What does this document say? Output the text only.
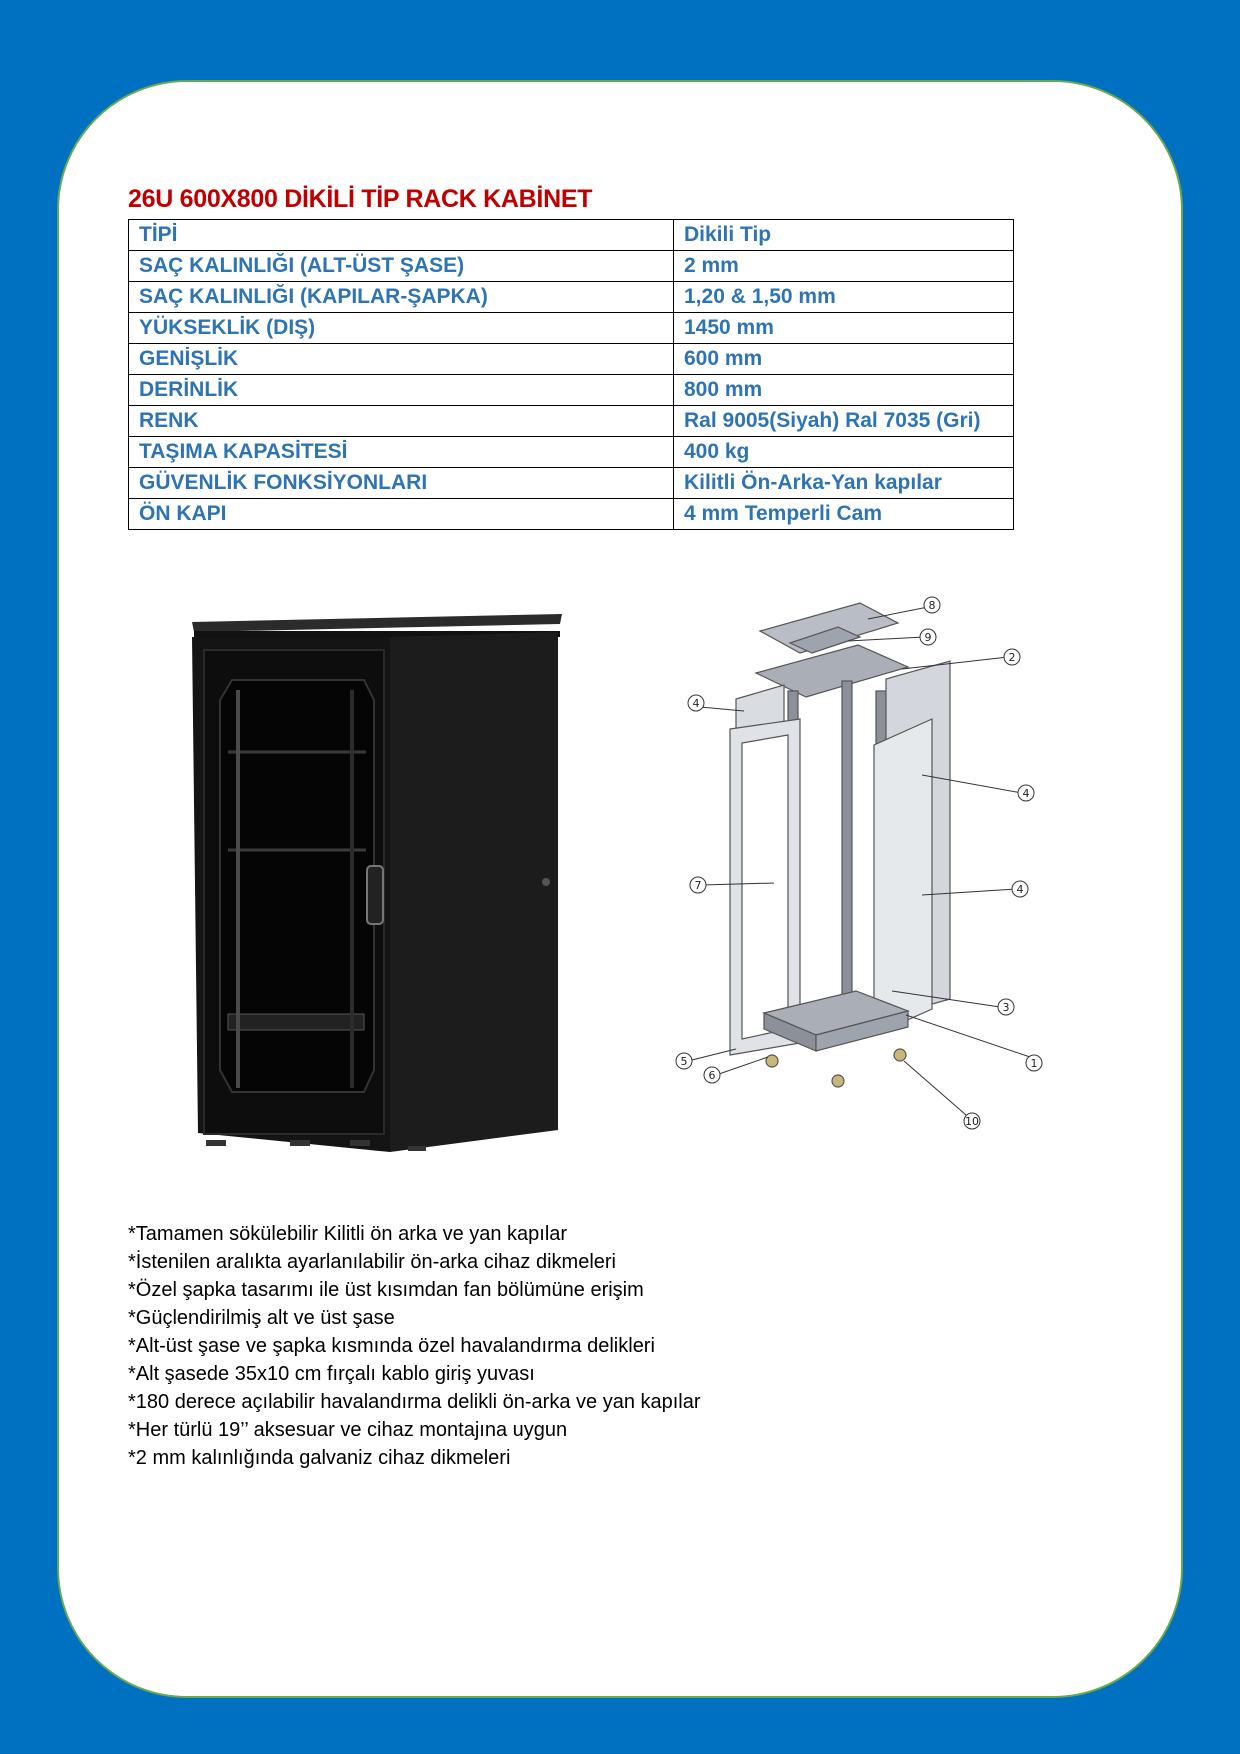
26U 600X800 DİKİLİ TİP RACK KABİNET
TİPİ	Dikili Tip
SAÇ KALINLIĞI (ALT-ÜST ŞASE)	2 mm
SAÇ KALINLIĞI (KAPILAR-ŞAPKA)	1,20 & 1,50 mm
YÜKSEKLİK (DIŞ)	1450 mm
GENİŞLİK	600 mm
DERİNLİK	800 mm
RENK	Ral 9005(Siyah) Ral 7035 (Gri)
TAŞIMA KAPASİTESİ	400 kg
GÜVENLİK FONKSİYONLARI	Kilitli Ön-Arka-Yan kapılar
ÖN KAPI	4 mm Temperli Cam
1
2
3
4
4
4
5
6
7
8
9
10
*Tamamen sökülebilir Kilitli ön arka ve yan kapılar
*İstenilen aralıkta ayarlanılabilir ön-arka cihaz dikmeleri
*Özel şapka tasarımı ile üst kısımdan fan bölümüne erişim
*Güçlendirilmiş alt ve üst şase
*Alt-üst şase ve şapka kısmında özel havalandırma delikleri
*Alt şasede 35x10 cm fırçalı kablo giriş yuvası
*180 derece açılabilir havalandırma delikli ön-arka ve yan kapılar
*Her türlü 19’’ aksesuar ve cihaz montajına uygun
*2 mm kalınlığında galvaniz cihaz dikmeleri
